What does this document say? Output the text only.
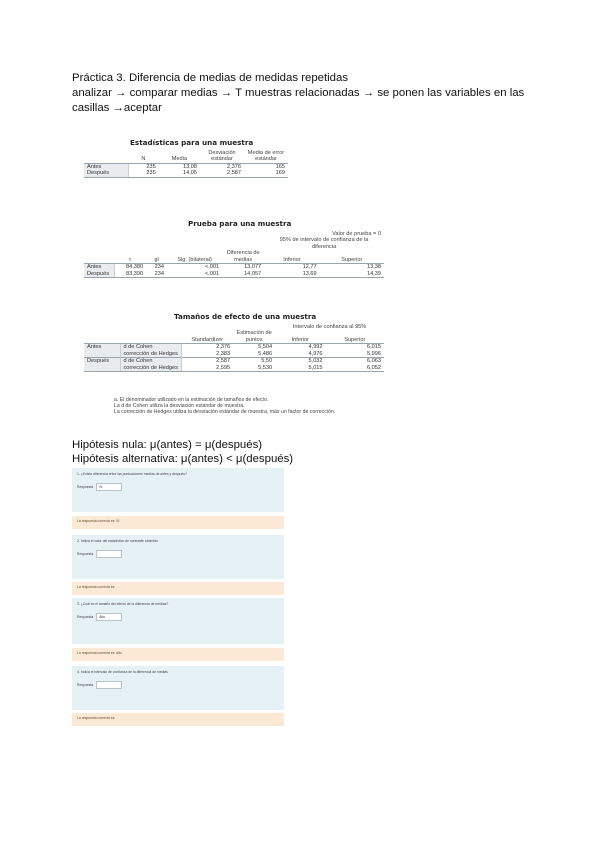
Práctica 3. Diferencia de medias de medidas repetidas
analizar → comparar medias → T muestras relacionadas → se ponen las variables en las casillas →aceptar
Estadísticas para una muestra
	N	Media	Desviación estándar	Media de error estándar
Antes	235	13,08	2,376	165
Después	235	14,05	2,587	169
Prueba para una muestra
	Valor de prueba = 0					
					95% de intervalo de confianza de la diferencia	
	t	gl	Sig. (bilateral)	Diferencia de medias	Inferior	Superior
Antes	84,380	234	<,001	13,077	12,77	13,38
Después	83,390	234	<,001	14,057	13,69	14,39
Tamaños de efecto de una muestra
				Intervalo de confianza al 95%	
		Standardizer	Estimación de puntos	Inferior	Superior
Antes	d de Cohen	2,376	5,504	4,992	6,015
	corrección de Hedges	2,383	5,486	4,976	5,996
Después	d de Cohen	2,587	5,50	5,032	6,063
	corrección de Hedges	2,595	5,530	5,015	6,052
a. El denominador utilizado en la estimación de tamaños de efecto.
La d de Cohen utiliza la desviación estándar de muestra.
La corrección de Hedges utiliza la desviación estándar de muestra, más un factor de corrección.
Hipótesis nula: μ(antes) = μ(después)
Hipótesis alternativa: μ(antes) < μ(después)
1. ¿Existe diferencia entre las puntuaciones medias de antes y después?
Respuesta
Sí
La respuesta correcta es: Sí
2. Indica el valor del estadístico de contraste obtenido
Respuesta
La respuesta correcta es:
3. ¿Cuál es el tamaño del efecto de la diferencia de medias?
Respuesta
Alto
La respuesta correcta es: Alto
4. Indica el intervalo de confianza de la diferencia de medias
Respuesta
La respuesta correcta es:
